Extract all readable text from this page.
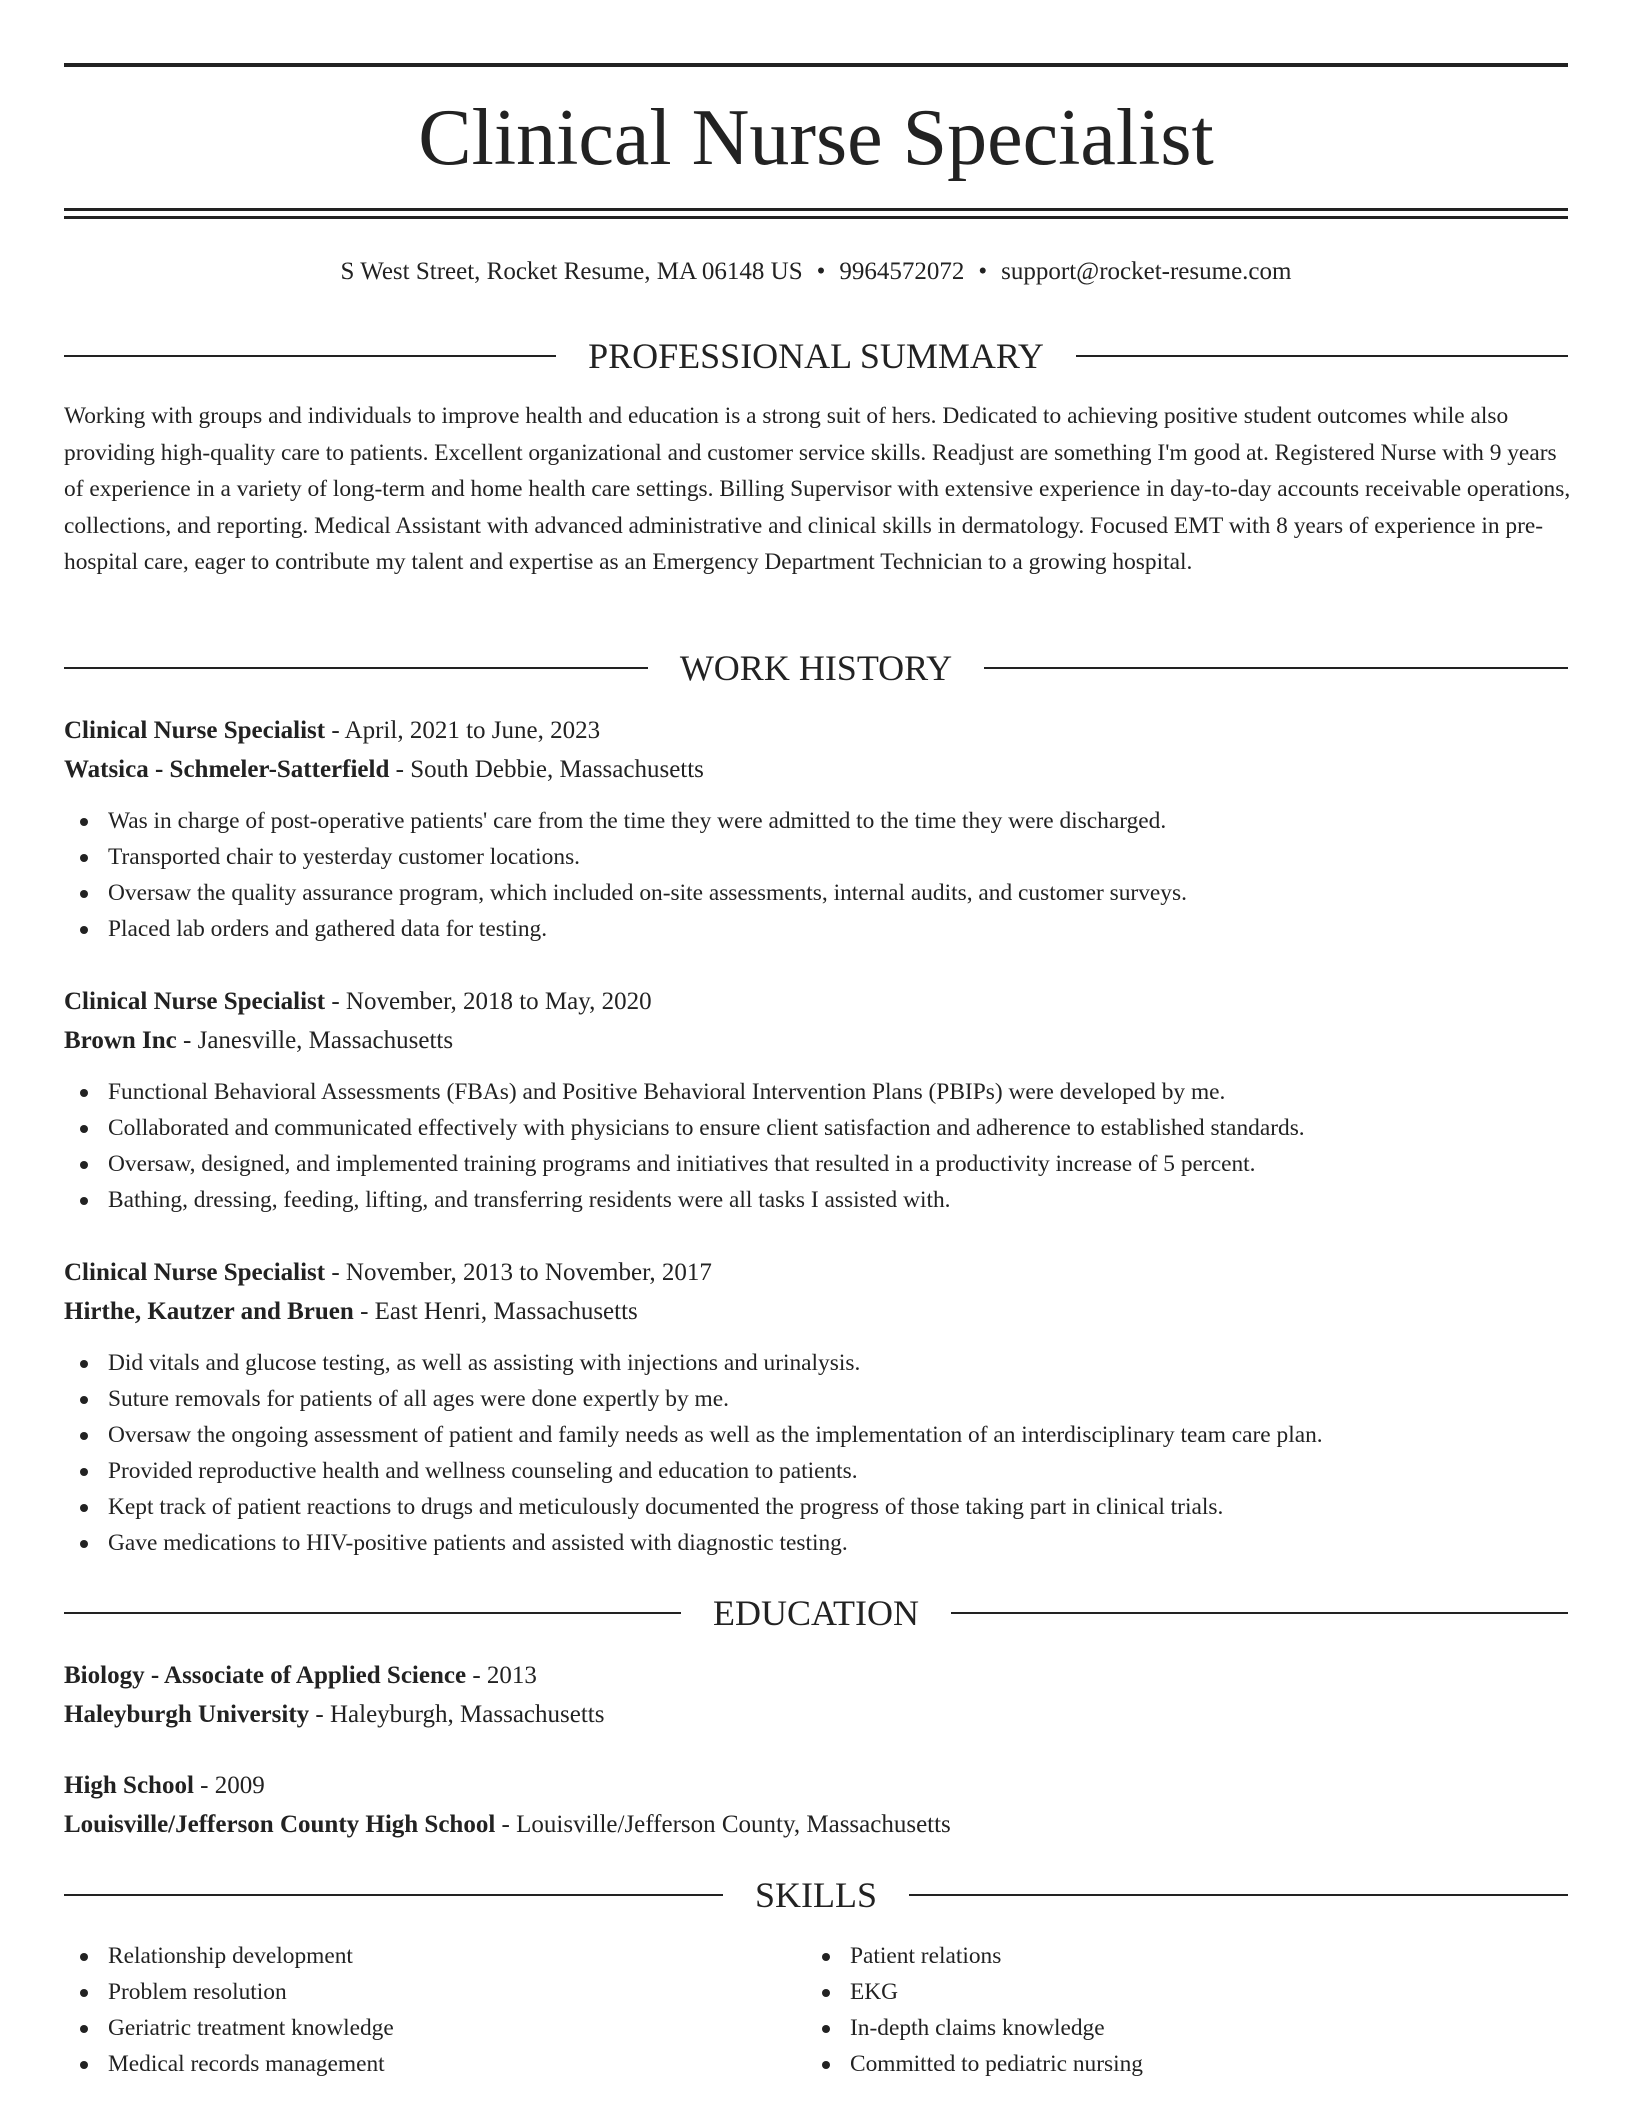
Clinical Nurse Specialist
S West Street, Rocket Resume, MA 06148 US • 9964572072 • support@rocket-resume.com
PROFESSIONAL SUMMARY

Working with groups and individuals to improve health and education is a strong suit of hers. Dedicated to achieving positive student outcomes while also providing high-quality care to patients. Excellent organizational and customer service skills. Readjust are something I'm good at. Registered Nurse with 9 years of experience in a variety of long-term and home health care settings. Billing Supervisor with extensive experience in day-to-day accounts receivable operations, collections, and reporting. Medical Assistant with advanced administrative and clinical skills in dermatology. Focused EMT with 8 years of experience in pre-hospital care, eager to contribute my talent and expertise as an Emergency Department Technician to a growing hospital.

WORK HISTORY
Clinical Nurse Specialist - April, 2021 to June, 2023
Watsica - Schmeler-Satterfield - South Debbie, Massachusetts
Was in charge of post-operative patients' care from the time they were admitted to the time they were discharged.
Transported chair to yesterday customer locations.
Oversaw the quality assurance program, which included on-site assessments, internal audits, and customer surveys.
Placed lab orders and gathered data for testing.
Clinical Nurse Specialist - November, 2018 to May, 2020
Brown Inc - Janesville, Massachusetts
Functional Behavioral Assessments (FBAs) and Positive Behavioral Intervention Plans (PBIPs) were developed by me.
Collaborated and communicated effectively with physicians to ensure client satisfaction and adherence to established standards.
Oversaw, designed, and implemented training programs and initiatives that resulted in a productivity increase of 5 percent.
Bathing, dressing, feeding, lifting, and transferring residents were all tasks I assisted with.
Clinical Nurse Specialist - November, 2013 to November, 2017
Hirthe, Kautzer and Bruen - East Henri, Massachusetts
Did vitals and glucose testing, as well as assisting with injections and urinalysis.
Suture removals for patients of all ages were done expertly by me.
Oversaw the ongoing assessment of patient and family needs as well as the implementation of an interdisciplinary team care plan.
Provided reproductive health and wellness counseling and education to patients.
Kept track of patient reactions to drugs and meticulously documented the progress of those taking part in clinical trials.
Gave medications to HIV-positive patients and assisted with diagnostic testing.
EDUCATION
Biology - Associate of Applied Science - 2013
Haleyburgh University - Haleyburgh, Massachusetts
High School - 2009
Louisville/Jefferson County High School - Louisville/Jefferson County, Massachusetts
SKILLS
Relationship development
Problem resolution
Geriatric treatment knowledge
Medical records management
Patient relations
EKG
In-depth claims knowledge
Committed to pediatric nursing
